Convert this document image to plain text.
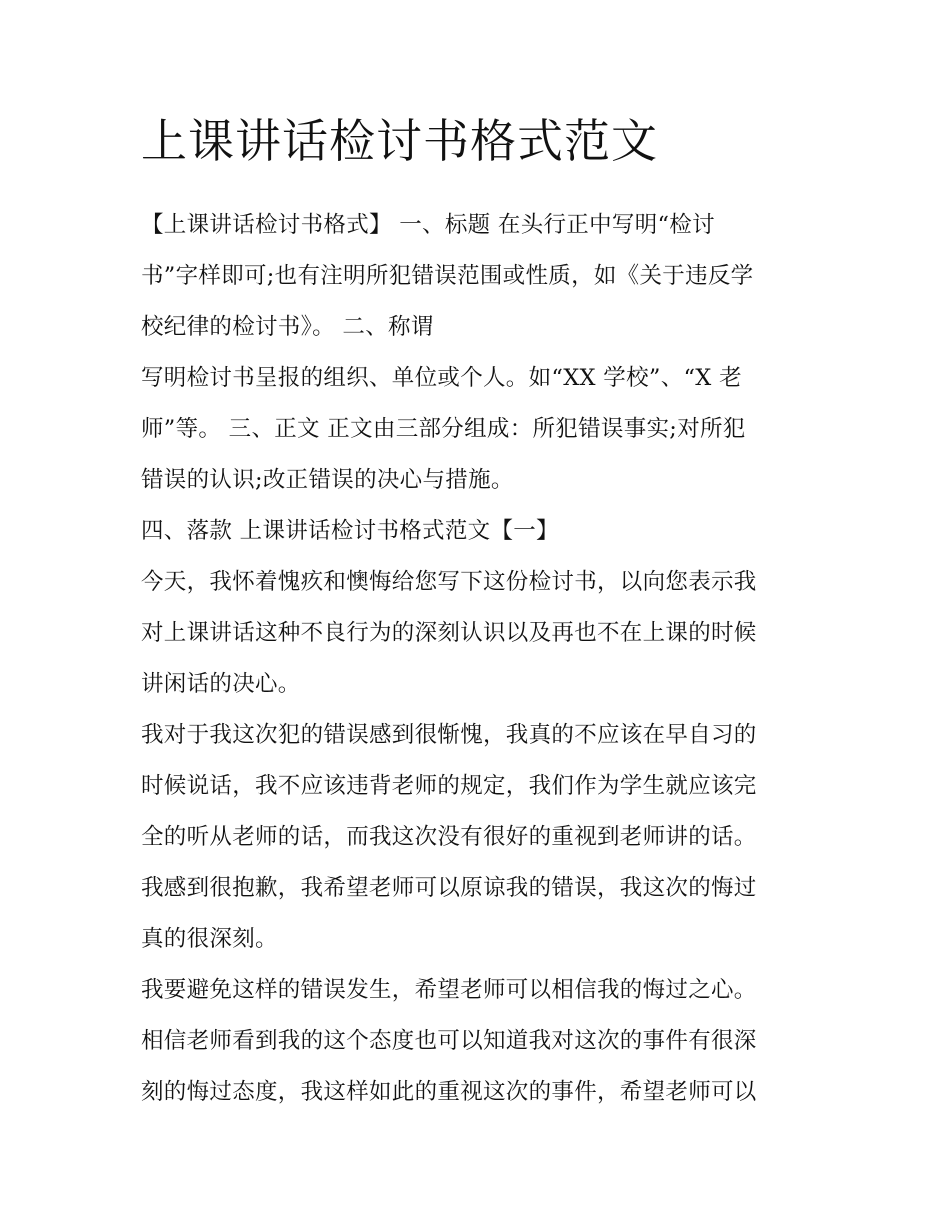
上课讲话检讨书格式范文
【上课讲话检讨书格式】 一、标题 在头行正中写明“检讨
书”字样即可;也有注明所犯错误范围或性质，如《关于违反学
校纪律的检讨书》。 二、称谓
写明检讨书呈报的组织、单位或个人。如“XX 学校”、“X 老
师”等。 三、正文 正文由三部分组成：所犯错误事实;对所犯
错误的认识;改正错误的决心与措施。
四、落款 上课讲话检讨书格式范文【一】
今天，我怀着愧疚和懊悔给您写下这份检讨书，以向您表示我
对上课讲话这种不良行为的深刻认识以及再也不在上课的时候
讲闲话的决心。
我对于我这次犯的错误感到很惭愧，我真的不应该在早自习的
时候说话，我不应该违背老师的规定，我们作为学生就应该完
全的听从老师的话，而我这次没有很好的重视到老师讲的话。
我感到很抱歉，我希望老师可以原谅我的错误，我这次的悔过
真的很深刻。
我要避免这样的错误发生，希望老师可以相信我的悔过之心。
相信老师看到我的这个态度也可以知道我对这次的事件有很深
刻的悔过态度，我这样如此的重视这次的事件，希望老师可以
